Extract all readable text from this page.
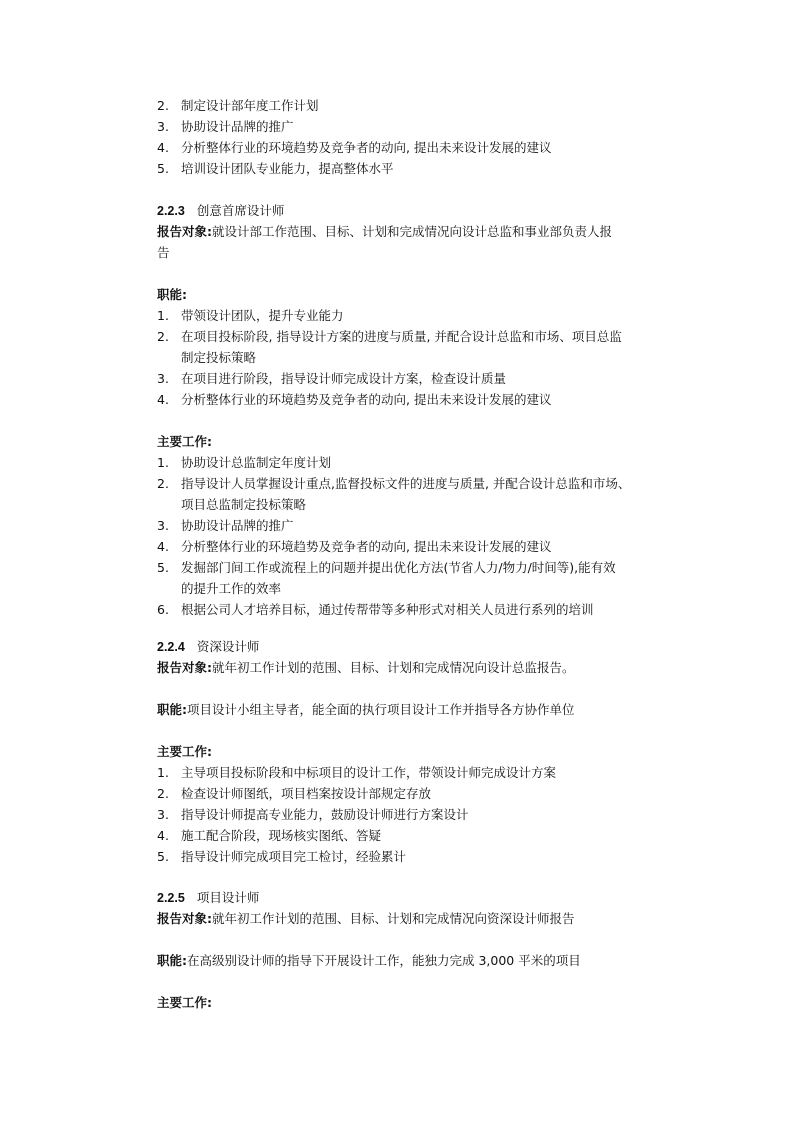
2. 制定设计部年度工作计划
3. 协助设计品牌的推广
4. 分析整体行业的环境趋势及竞争者的动向, 提出未来设计发展的建议
5. 培训设计团队专业能力，提高整体水平
2.2.3 创意首席设计师
报告对象:就设计部工作范围、目标、计划和完成情况向设计总监和事业部负责人报
告
职能:
1. 带领设计团队，提升专业能力
2. 在项目投标阶段, 指导设计方案的进度与质量, 并配合设计总监和市场、项目总监
制定投标策略
3. 在项目进行阶段，指导设计师完成设计方案，检查设计质量
4. 分析整体行业的环境趋势及竞争者的动向, 提出未来设计发展的建议
主要工作:
1. 协助设计总监制定年度计划
2. 指导设计人员掌握设计重点,监督投标文件的进度与质量, 并配合设计总监和市场、
项目总监制定投标策略
3. 协助设计品牌的推广
4. 分析整体行业的环境趋势及竞争者的动向, 提出未来设计发展的建议
5. 发掘部门间工作或流程上的问题并提出优化方法(节省人力/物力/时间等),能有效
的提升工作的效率
6. 根据公司人才培养目标，通过传帮带等多种形式对相关人员进行系列的培训
2.2.4 资深设计师
报告对象:就年初工作计划的范围、目标、计划和完成情况向设计总监报告。
职能:项目设计小组主导者，能全面的执行项目设计工作并指导各方协作单位
主要工作:
1. 主导项目投标阶段和中标项目的设计工作，带领设计师完成设计方案
2. 检查设计师图纸，项目档案按设计部规定存放
3. 指导设计师提高专业能力，鼓励设计师进行方案设计
4. 施工配合阶段，现场核实图纸、答疑
5. 指导设计师完成项目完工检讨，经验累计
2.2.5 项目设计师
报告对象:就年初工作计划的范围、目标、计划和完成情况向资深设计师报告
职能:在高级别设计师的指导下开展设计工作，能独力完成 3,000 平米的项目
主要工作:
